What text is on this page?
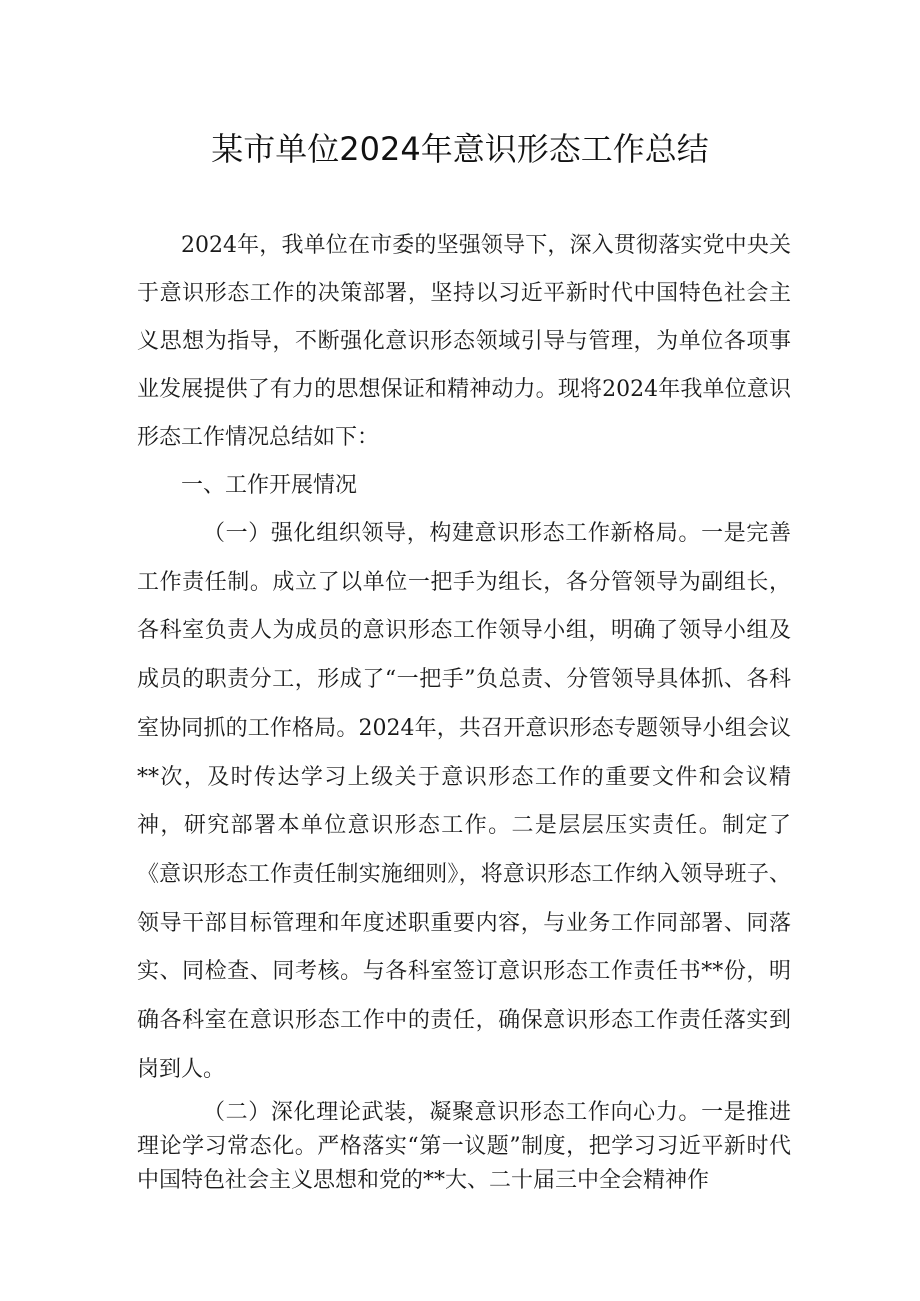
某市单位2024年意识形态工作总结

2024年，我单位在市委的坚强领导下，深入贯彻落实党中央关于意识形态工作的决策部署，坚持以习近平新时代中国特色社会主义思想为指导，不断强化意识形态领域引导与管理，为单位各项事业发展提供了有力的思想保证和精神动力。现将2024年我单位意识形态工作情况总结如下：

一、工作开展情况

（一）强化组织领导，构建意识形态工作新格局。一是完善工作责任制。成立了以单位一把手为组长，各分管领导为副组长，各科室负责人为成员的意识形态工作领导小组，明确了领导小组及成员的职责分工，形成了“一把手”负总责、分管领导具体抓、各科室协同抓的工作格局。2024年，共召开意识形态专题领导小组会议**次，及时传达学习上级关于意识形态工作的重要文件和会议精神，研究部署本单位意识形态工作。二是层层压实责任。制定了《意识形态工作责任制实施细则》，将意识形态工作纳入领导班子、领导干部目标管理和年度述职重要内容，与业务工作同部署、同落实、同检查、同考核。与各科室签订意识形态工作责任书**份，明确各科室在意识形态工作中的责任，确保意识形态工作责任落实到岗到人。

（二）深化理论武装，凝聚意识形态工作向心力。一是推进理论学习常态化。严格落实“第一议题”制度，把学习习近平新时代中国特色社会主义思想和党的**大、二十届三中全会精神作
